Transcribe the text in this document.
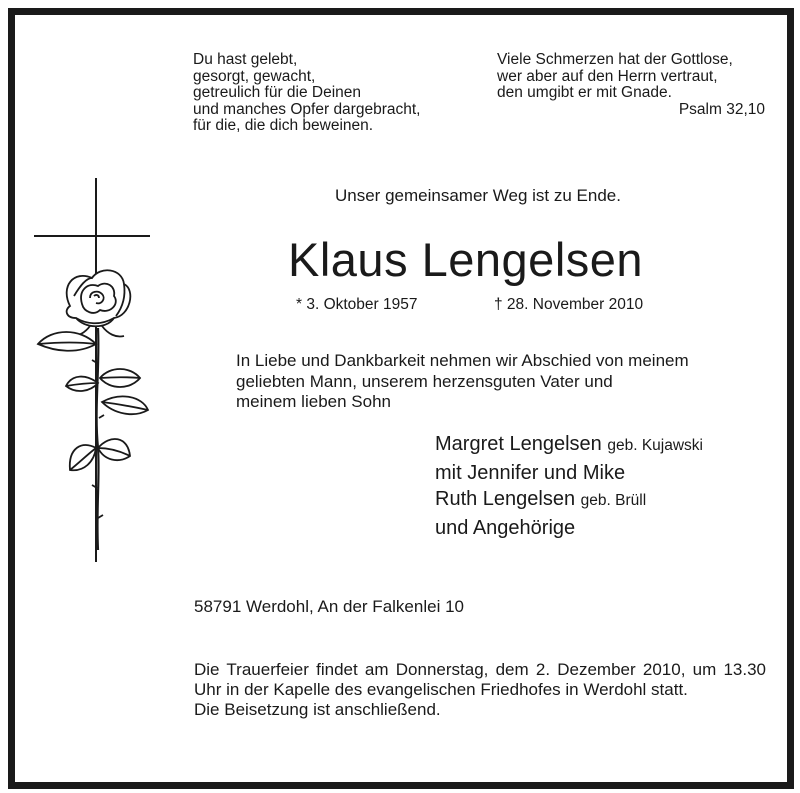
Du hast gelebt,
gesorgt, gewacht,
getreulich für die Deinen
und manches Opfer dargebracht,
für die, die dich beweinen.
Viele Schmerzen hat der Gottlose,
wer aber auf den Herrn vertraut,
den umgibt er mit Gnade.
Psalm 32,10
Unser gemeinsamer Weg ist zu Ende.
Klaus Lengelsen
* 3. Oktober 1957	† 28. November 2010
In Liebe und Dankbarkeit nehmen wir Abschied von meinem
geliebten Mann, unserem herzensguten Vater und
meinem lieben Sohn
Margret Lengelsen geb. Kujawski
mit Jennifer und Mike
Ruth Lengelsen geb. Brüll
und Angehörige
58791 Werdohl, An der Falkenlei 10
Die Trauerfeier findet am Donnerstag, dem 2. Dezember 2010, um 13.30 Uhr in der Kapelle des evangelischen Friedhofes in Werdohl statt.
Die Beisetzung ist anschließend.
